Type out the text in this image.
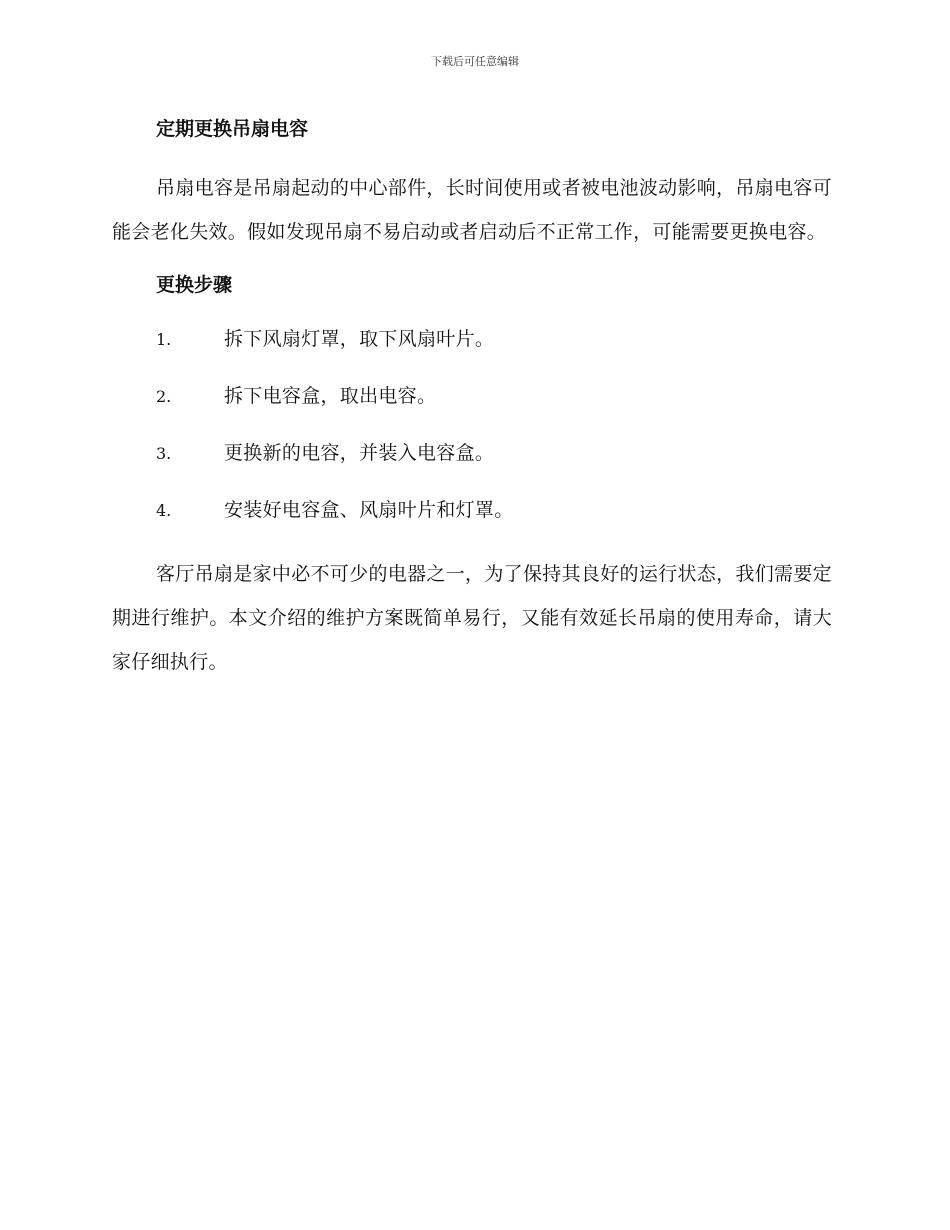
下载后可任意编辑
定期更换吊扇电容

吊扇电容是吊扇起动的中心部件，长时间使用或者被电池波动影响，吊扇电容可能会老化失效。假如发现吊扇不易启动或者启动后不正常工作，可能需要更换电容。

更换步骤
1.	拆下风扇灯罩，取下风扇叶片。
2.	拆下电容盒，取出电容。
3.	更换新的电容，并装入电容盒。
4.	安装好电容盒、风扇叶片和灯罩。

客厅吊扇是家中必不可少的电器之一，为了保持其良好的运行状态，我们需要定期进行维护。本文介绍的维护方案既简单易行，又能有效延长吊扇的使用寿命，请大家仔细执行。
